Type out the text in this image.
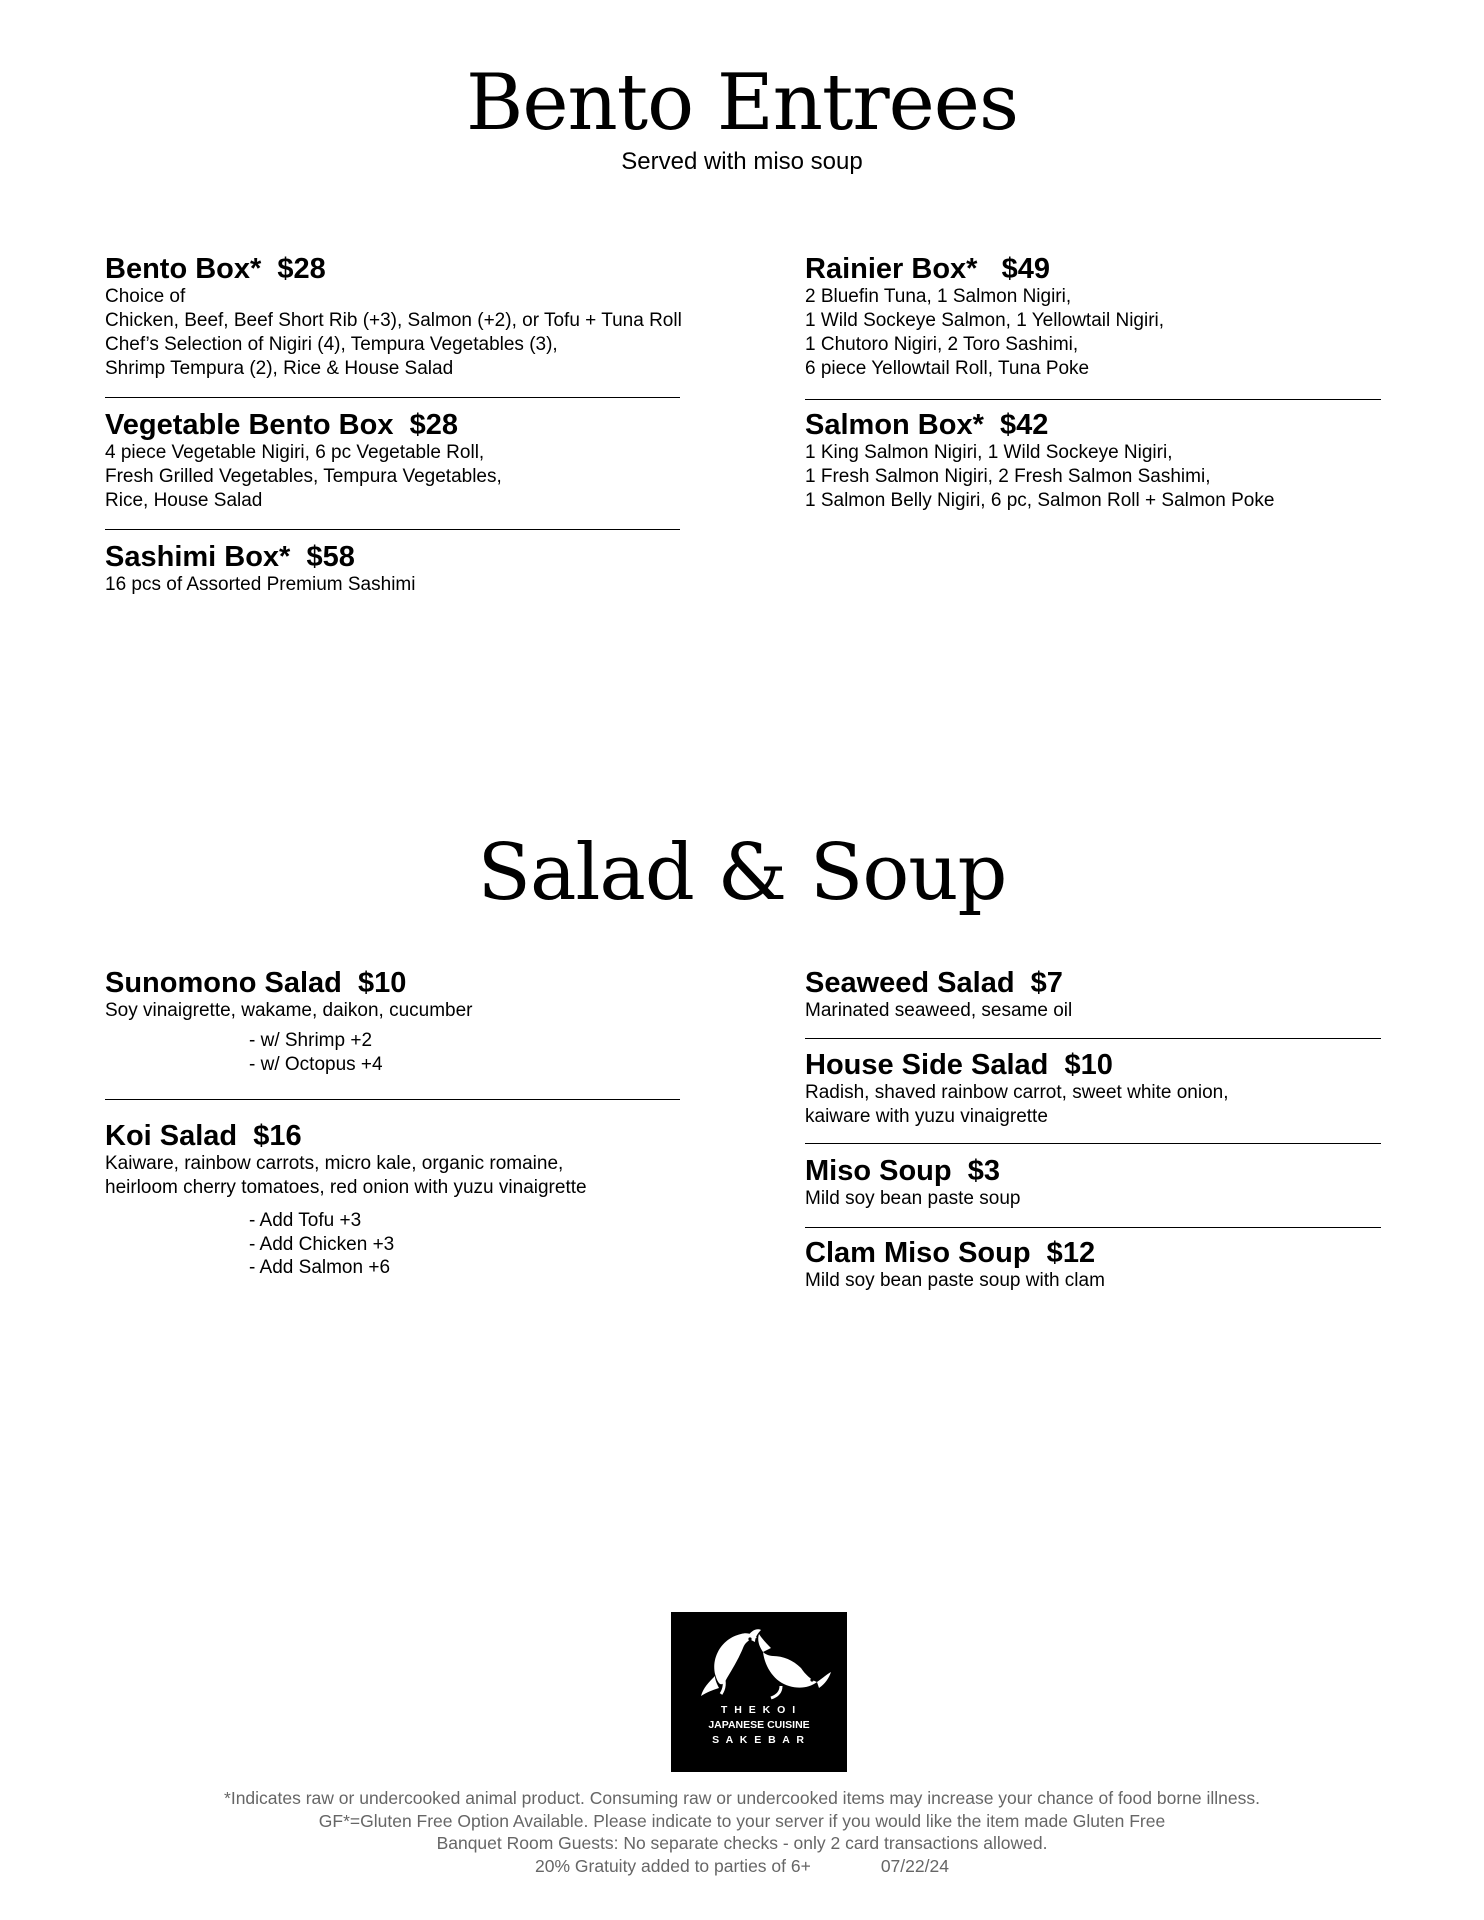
Bento Entrees
Served with miso soup
Bento Box*  $28
Choice of
Chicken, Beef, Beef Short Rib (+3), Salmon (+2), or Tofu + Tuna Roll
Chef’s Selection of Nigiri (4), Tempura Vegetables (3),
Shrimp Tempura (2), Rice & House Salad
Vegetable Bento Box  $28
4 piece Vegetable Nigiri, 6 pc Vegetable Roll,
Fresh Grilled Vegetables, Tempura Vegetables,
Rice, House Salad
Sashimi Box*  $58
16 pcs of Assorted Premium Sashimi
Rainier Box*   $49
2 Bluefin Tuna, 1 Salmon Nigiri,
1 Wild Sockeye Salmon, 1 Yellowtail Nigiri,
1 Chutoro Nigiri, 2 Toro Sashimi,
6 piece Yellowtail Roll, Tuna Poke
Salmon Box*  $42
1 King Salmon Nigiri, 1 Wild Sockeye Nigiri,
1 Fresh Salmon Nigiri, 2 Fresh Salmon Sashimi,
1 Salmon Belly Nigiri, 6 pc, Salmon Roll + Salmon Poke
Salad & Soup
Sunomono Salad  $10
Soy vinaigrette, wakame, daikon, cucumber
- w/ Shrimp +2
- w/ Octopus +4
Koi Salad  $16
Kaiware, rainbow carrots, micro kale, organic romaine,
heirloom cherry tomatoes, red onion with yuzu vinaigrette
- Add Tofu +3
- Add Chicken +3
- Add Salmon +6
Seaweed Salad  $7
Marinated seaweed, sesame oil
House Side Salad  $10
Radish, shaved rainbow carrot, sweet white onion,
kaiware with yuzu vinaigrette
Miso Soup  $3
Mild soy bean paste soup
Clam Miso Soup  $12
Mild soy bean paste soup with clam
T H E K O I
JAPANESE CUISINE
S A K E B A R
*Indicates raw or undercooked animal product. Consuming raw or undercooked items may increase your chance of food borne illness.
GF*=Gluten Free Option Available. Please indicate to your server if you would like the item made Gluten Free
Banquet Room Guests: No separate checks - only 2 card transactions allowed.
20% Gratuity added to parties of 6+	07/22/24
